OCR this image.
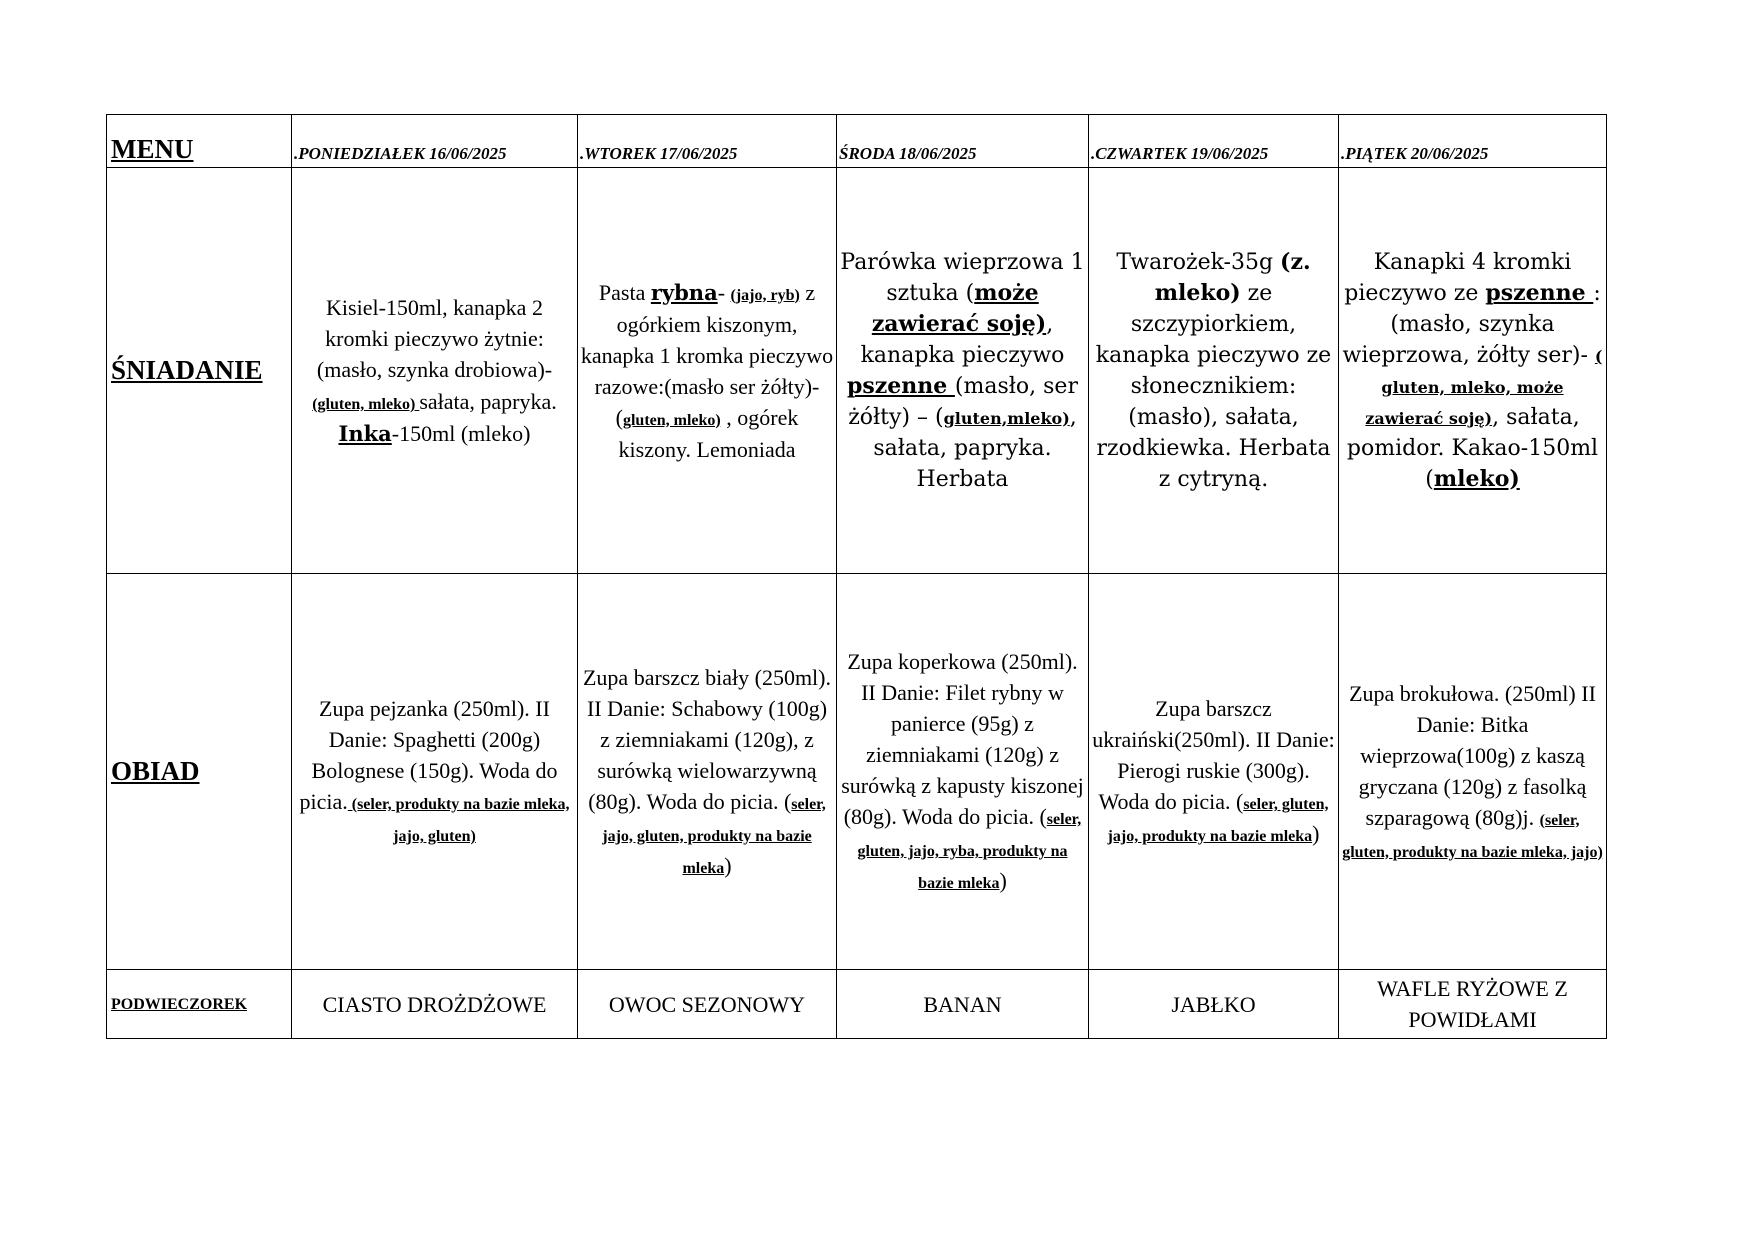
MENU	.PONIEDZIAŁEK 16/06/2025	.WTOREK 17/06/2025	ŚRODA 18/06/2025	.CZWARTEK 19/06/2025	.PIĄTEK 20/06/2025
ŚNIADANIE	Kisiel-150ml, kanapka 2 kromki pieczywo żytnie:(masło, szynka drobiowa)- (gluten, mleko) sałata, papryka. Inka-150ml (mleko)	Pasta rybna- (jajo, ryb) z ogórkiem kiszonym, kanapka 1 kromka pieczywo razowe:(masło ser żółty)-(gluten, mleko) , ogórek kiszony. Lemoniada	Parówka wieprzowa 1 sztuka (może zawierać soję), kanapka pieczywo pszenne (masło, ser żółty) – (gluten,mleko), sałata, papryka. Herbata	Twarożek-35g (z. mleko) ze szczypiorkiem, kanapka pieczywo ze słonecznikiem: (masło), sałata, rzodkiewka. Herbata z cytryną.	Kanapki 4 kromki pieczywo ze pszenne :(masło, szynka wieprzowa, żółty ser)- ( gluten, mleko, może zawierać soję), sałata, pomidor. Kakao-150ml (mleko)
OBIAD	Zupa pejzanka (250ml). II Danie: Spaghetti (200g) Bolognese (150g). Woda do picia. (seler, produkty na bazie mleka, jajo, gluten)	Zupa barszcz biały (250ml). II Danie: Schabowy (100g) z ziemniakami (120g), z surówką wielowarzywną (80g). Woda do picia. (seler, jajo, gluten, produkty na bazie mleka)	Zupa koperkowa (250ml). II Danie: Filet rybny w panierce (95g) z ziemniakami (120g) z surówką z kapusty kiszonej (80g). Woda do picia. (seler, gluten, jajo, ryba, produkty na bazie mleka)	Zupa barszcz ukraiński(250ml). II Danie: Pierogi ruskie (300g). Woda do picia. (seler, gluten, jajo, produkty na bazie mleka)	Zupa brokułowa. (250ml) II Danie: Bitka wieprzowa(100g) z kaszą gryczana (120g) z fasolką szparagową (80g)j. (seler, gluten, produkty na bazie mleka, jajo)
PODWIECZOREK	CIASTO DROŻDŻOWE	OWOC SEZONOWY	BANAN	JABŁKO	WAFLE RYŻOWE Z POWIDŁAMI
